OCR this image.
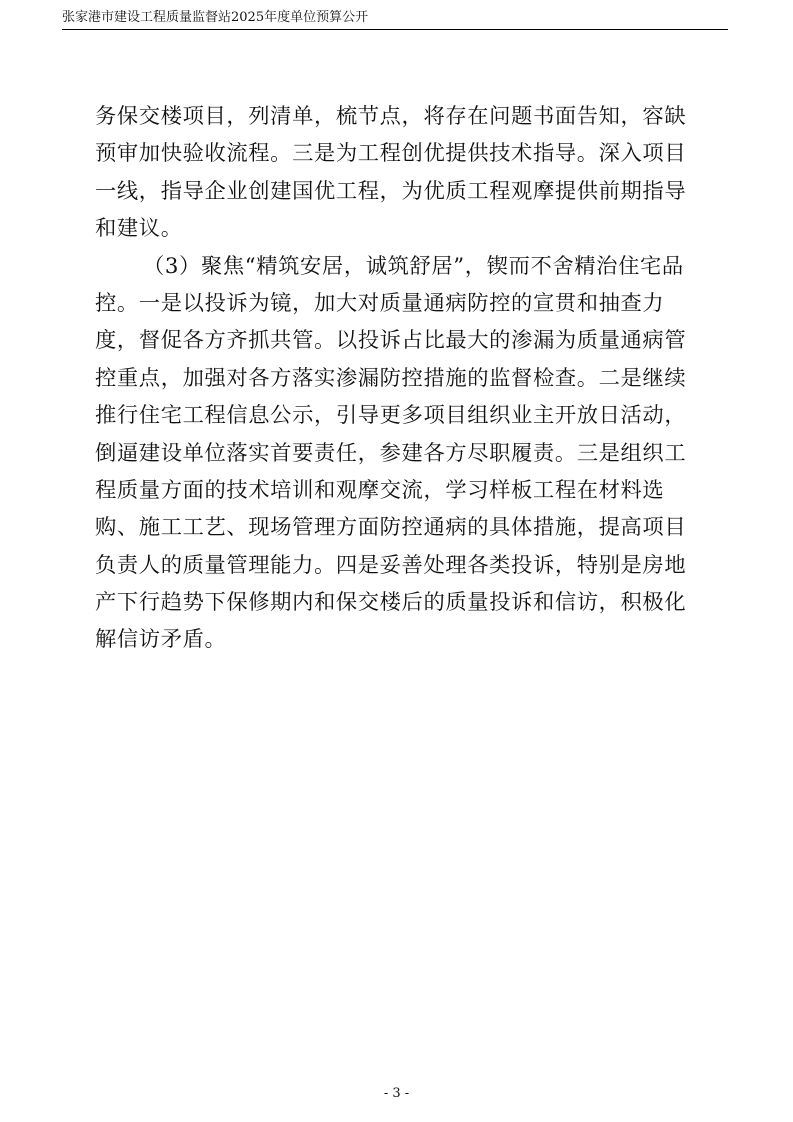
张家港市建设工程质量监督站2025年度单位预算公开
务保交楼项目，列清单，梳节点，将存在问题书面告知，容缺
预审加快验收流程。三是为工程创优提供技术指导。深入项目
一线，指导企业创建国优工程，为优质工程观摩提供前期指导
和建议。
（3）聚焦“精筑安居，诚筑舒居”，锲而不舍精治住宅品
控。一是以投诉为镜，加大对质量通病防控的宣贯和抽查力
度，督促各方齐抓共管。以投诉占比最大的渗漏为质量通病管
控重点，加强对各方落实渗漏防控措施的监督检查。二是继续
推行住宅工程信息公示，引导更多项目组织业主开放日活动，
倒逼建设单位落实首要责任，参建各方尽职履责。三是组织工
程质量方面的技术培训和观摩交流，学习样板工程在材料选
购、施工工艺、现场管理方面防控通病的具体措施，提高项目
负责人的质量管理能力。四是妥善处理各类投诉，特别是房地
产下行趋势下保修期内和保交楼后的质量投诉和信访，积极化
解信访矛盾。
- 3 -
